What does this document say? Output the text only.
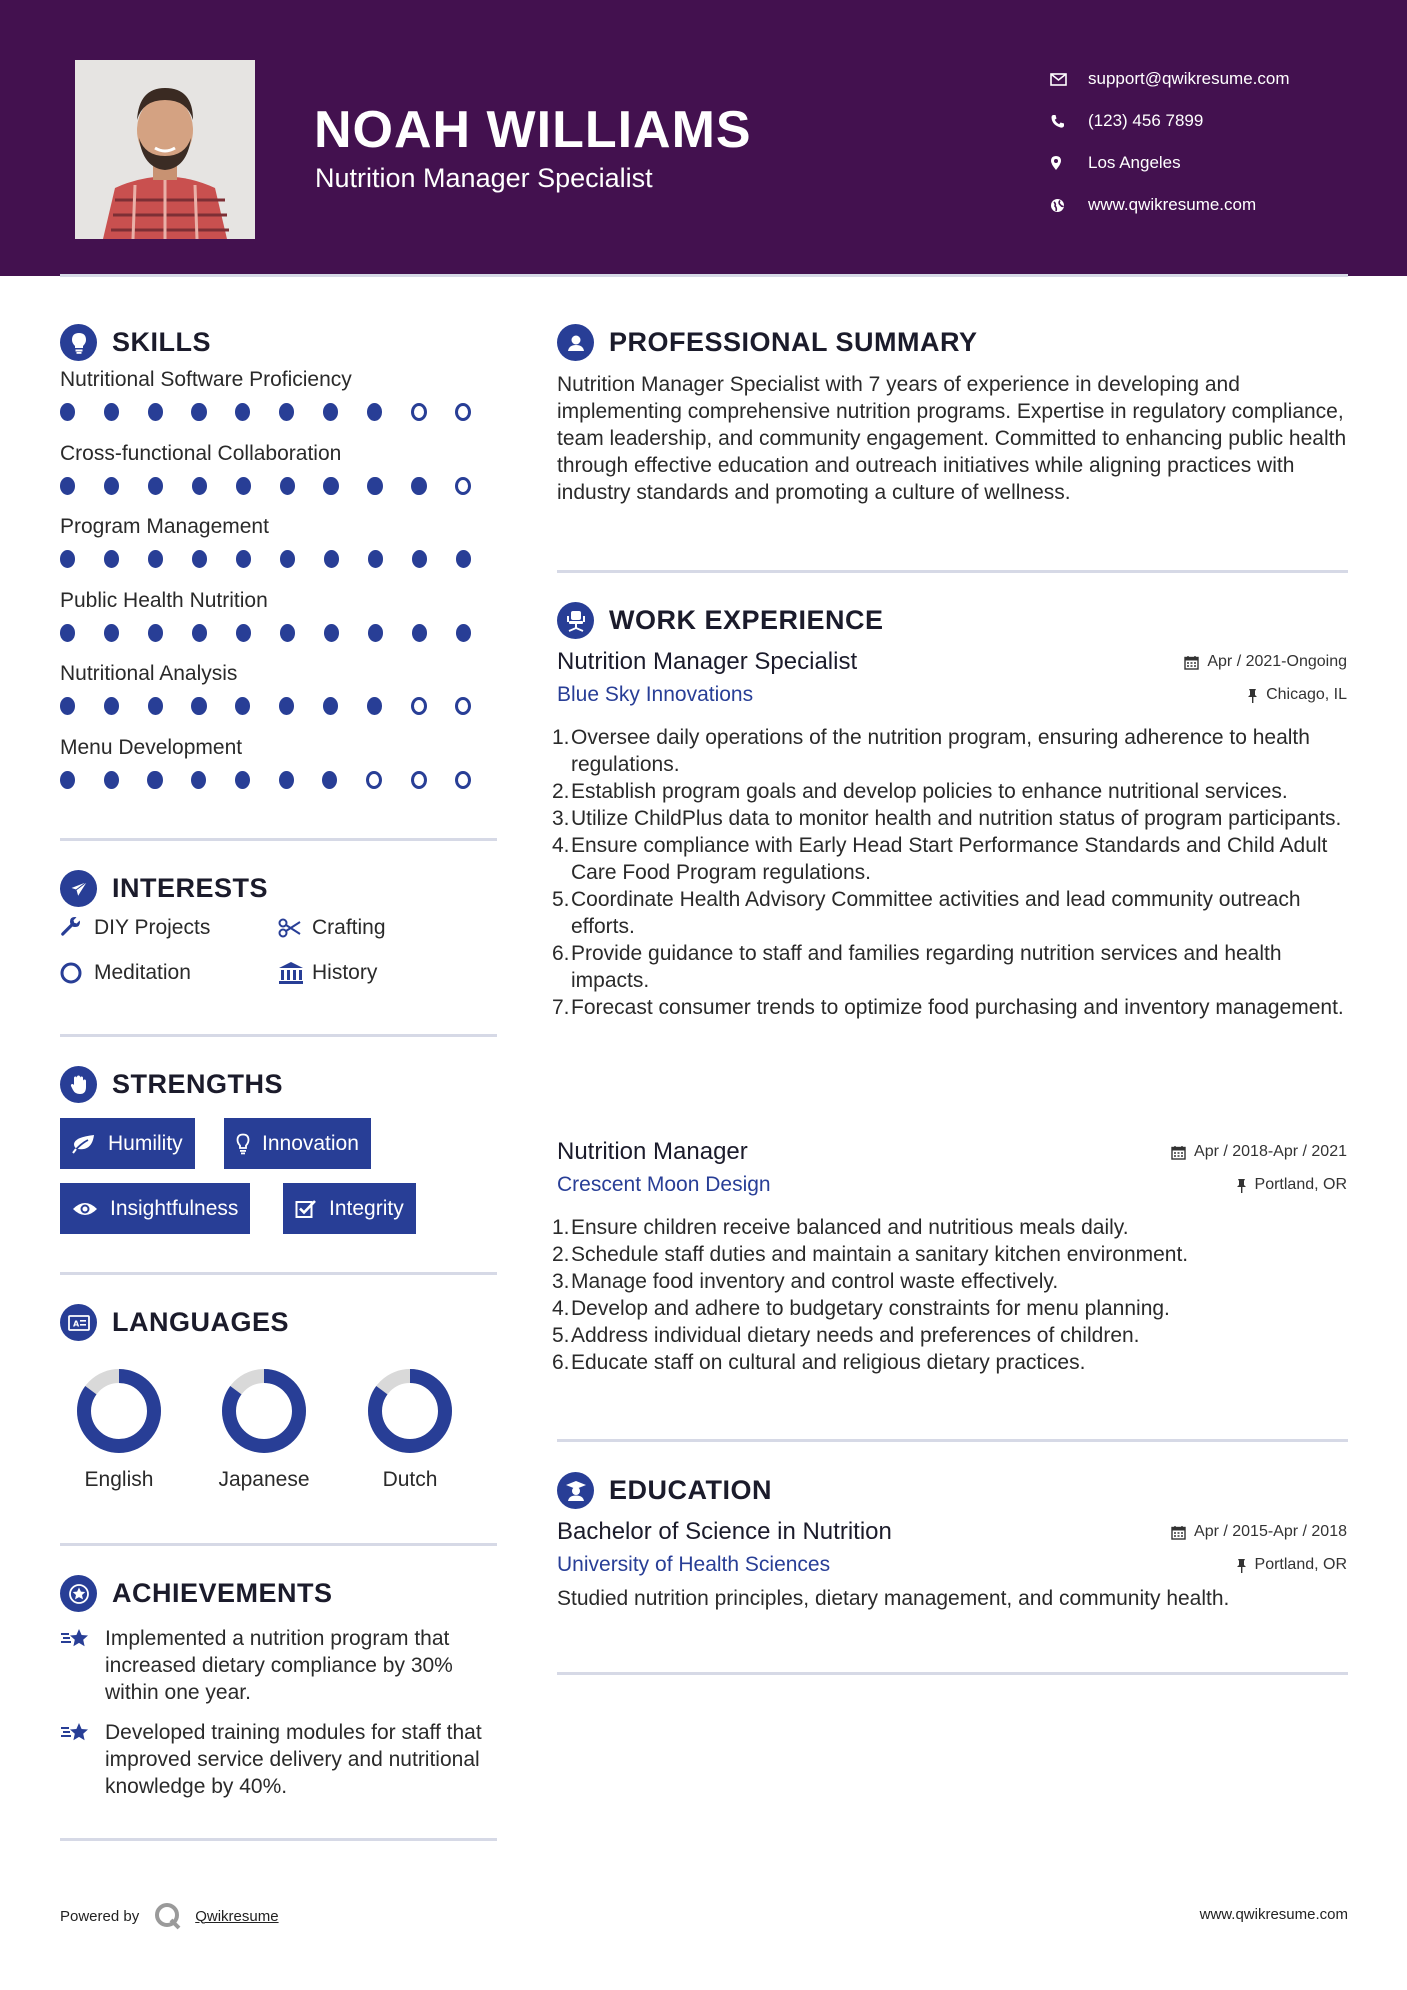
NOAH WILLIAMS
Nutrition Manager Specialist
support@qwikresume.com
(123) 456 7899
Los Angeles
www.qwikresume.com
SKILLS
Nutritional Software Proficiency
Cross-functional Collaboration
Program Management
Public Health Nutrition
Nutritional Analysis
Menu Development
INTERESTS
DIY Projects	Crafting
Meditation	History
STRENGTHS
Humility	Innovation
Insightfulness	Integrity
A LANGUAGES
English	Japanese	Dutch
ACHIEVEMENTS
Implemented a nutrition program that increased dietary compliance by 30% within one year.
Developed training modules for staff that improved service delivery and nutritional knowledge by 40%.
PROFESSIONAL SUMMARY
Nutrition Manager Specialist with 7 years of experience in developing and implementing comprehensive nutrition programs. Expertise in regulatory compliance, team leadership, and community engagement. Committed to enhancing public health through effective education and outreach initiatives while aligning practices with industry standards and promoting a culture of wellness.
WORK EXPERIENCE
Nutrition Manager Specialist	Apr / 2021-Ongoing
Blue Sky Innovations	Chicago, IL
1. Oversee daily operations of the nutrition program, ensuring adherence to health regulations.
2. Establish program goals and develop policies to enhance nutritional services.
3. Utilize ChildPlus data to monitor health and nutrition status of program participants.
4. Ensure compliance with Early Head Start Performance Standards and Child Adult Care Food Program regulations.
5. Coordinate Health Advisory Committee activities and lead community outreach efforts.
6. Provide guidance to staff and families regarding nutrition services and health impacts.
7. Forecast consumer trends to optimize food purchasing and inventory management.
Nutrition Manager	Apr / 2018-Apr / 2021
Crescent Moon Design	Portland, OR
1. Ensure children receive balanced and nutritious meals daily.
2. Schedule staff duties and maintain a sanitary kitchen environment.
3. Manage food inventory and control waste effectively.
4. Develop and adhere to budgetary constraints for menu planning.
5. Address individual dietary needs and preferences of children.
6. Educate staff on cultural and religious dietary practices.
EDUCATION
Bachelor of Science in Nutrition	Apr / 2015-Apr / 2018
University of Health Sciences	Portland, OR
Studied nutrition principles, dietary management, and community health.
Powered by	Qwikresume	www.qwikresume.com
